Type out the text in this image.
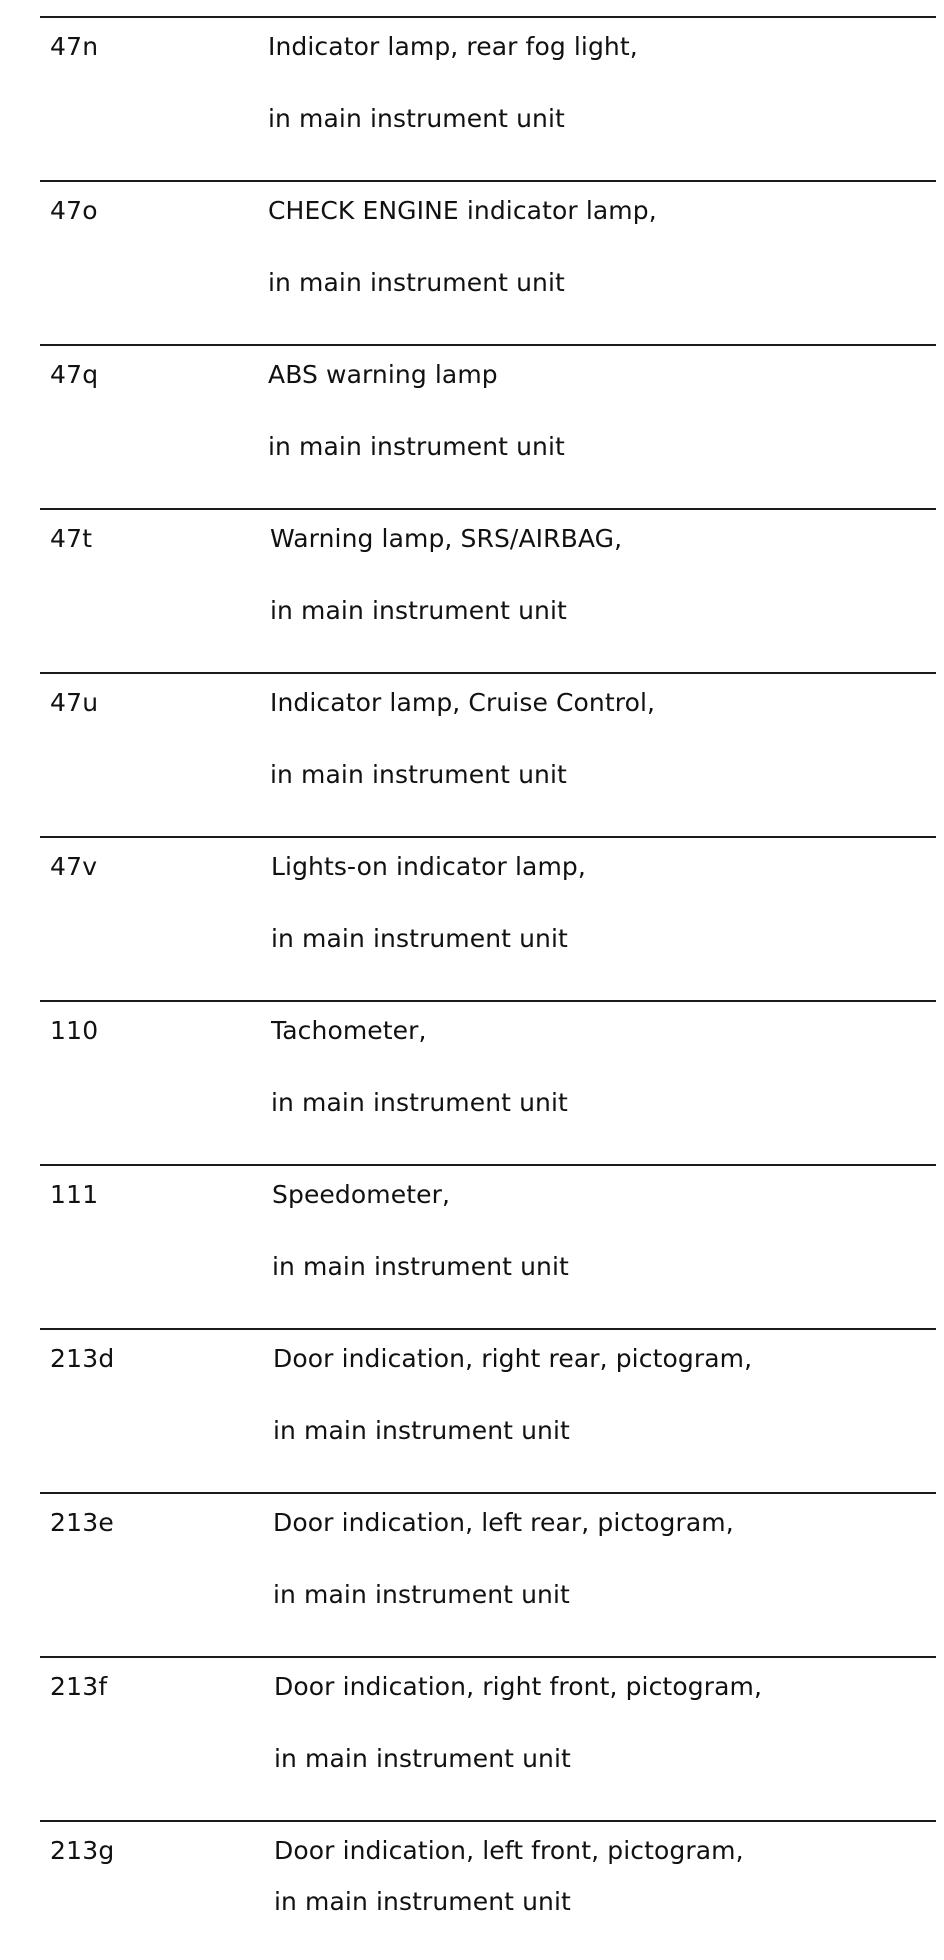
47n	Indicator lamp, rear fog light,
in main instrument unit
47o	CHECK ENGINE indicator lamp,
in main instrument unit
47q	ABS warning lamp
in main instrument unit
47t	Warning lamp, SRS/AIRBAG,
in main instrument unit
47u	Indicator lamp, Cruise Control,
in main instrument unit
47v	Lights-on indicator lamp,
in main instrument unit
110	Tachometer,
in main instrument unit
111	Speedometer,
in main instrument unit
213d	Door indication, right rear, pictogram,
in main instrument unit
213e	Door indication, left rear, pictogram,
in main instrument unit
213f	Door indication, right front, pictogram,
in main instrument unit
213g	Door indication, left front, pictogram,
in main instrument unit
